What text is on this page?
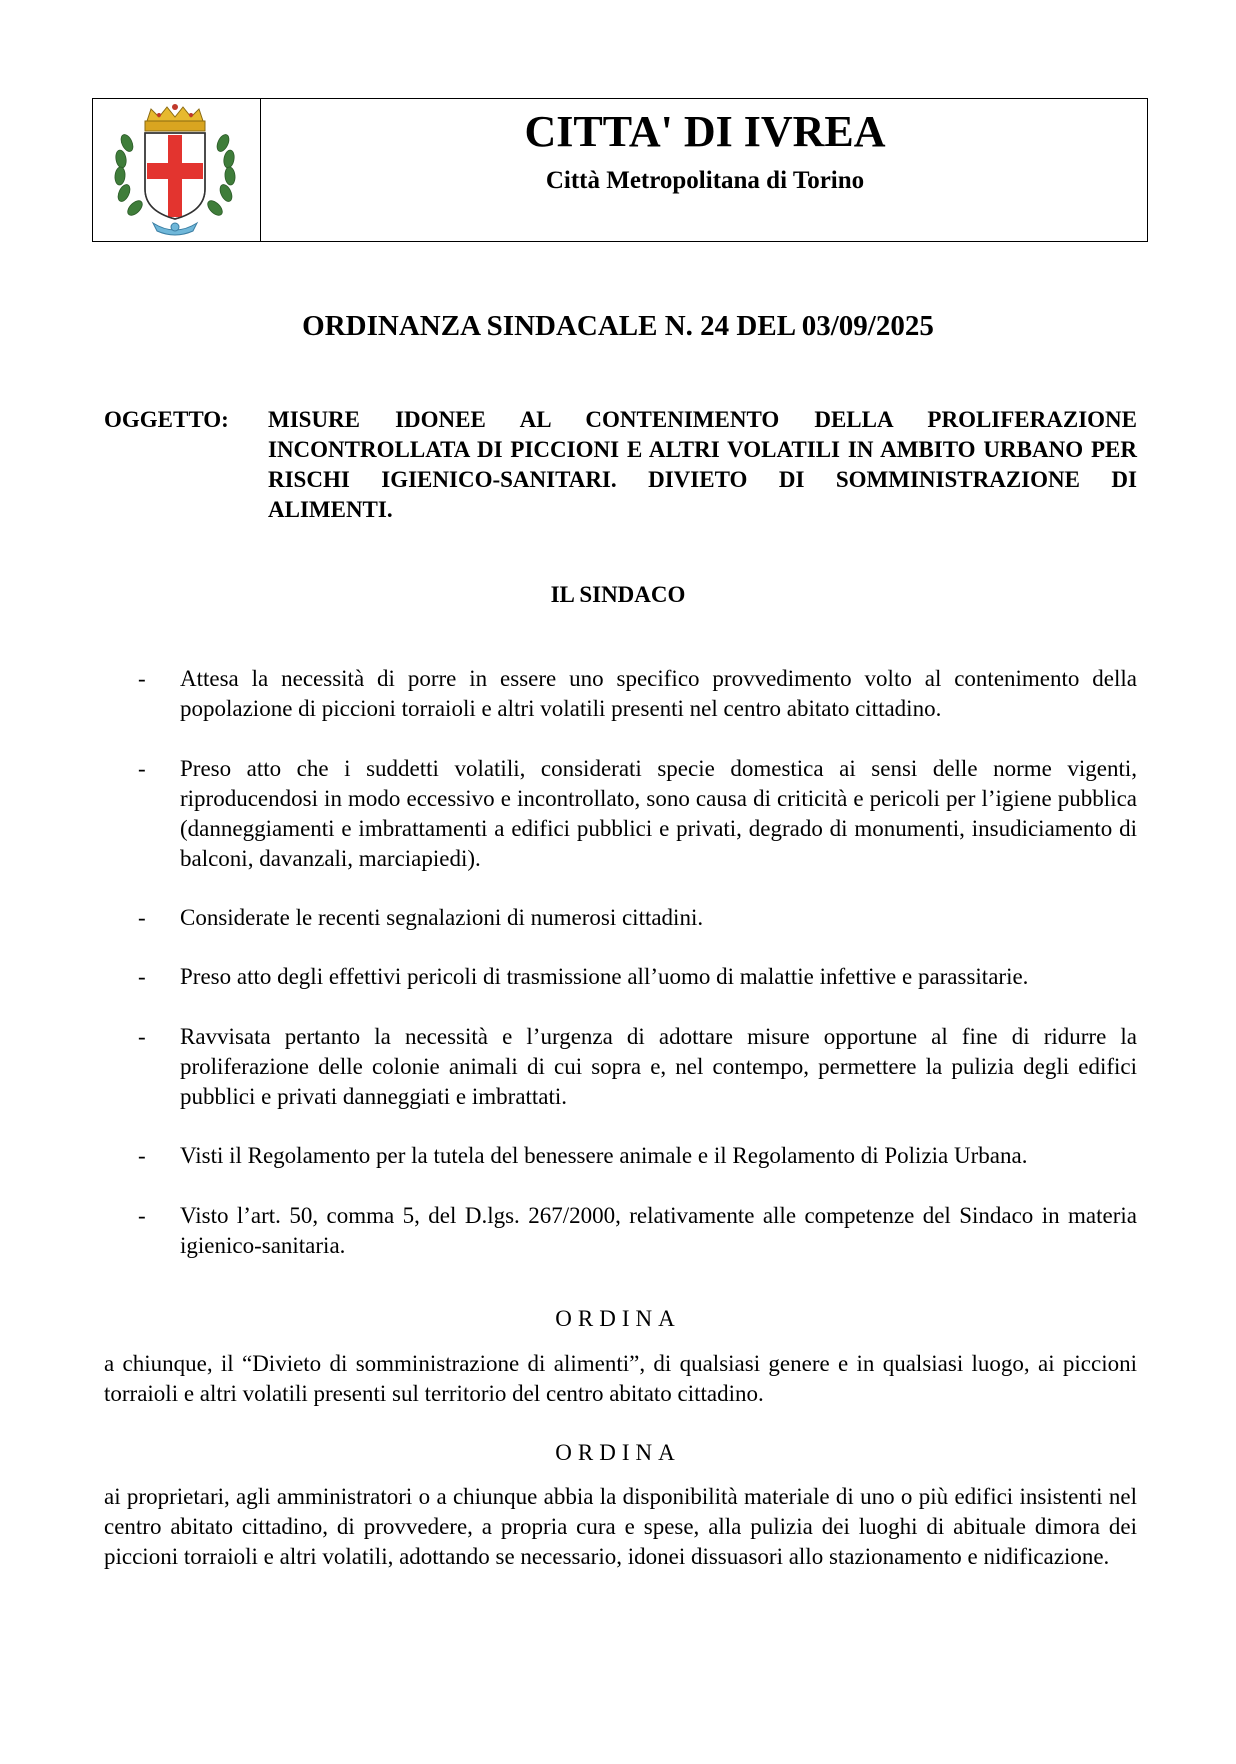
CITTA' DI IVREA
Città Metropolitana di Torino
ORDINANZA SINDACALE N. 24 DEL 03/09/2025
OGGETTO: MISURE IDONEE AL CONTENIMENTO DELLA PROLIFERAZIONE INCONTROLLATA DI PICCIONI E ALTRI VOLATILI IN AMBITO URBANO PER RISCHI IGIENICO-SANITARI. DIVIETO DI SOMMINISTRAZIONE DI ALIMENTI.
IL SINDACO
- Attesa la necessità di porre in essere uno specifico provvedimento volto al contenimento della popolazione di piccioni torraioli e altri volatili presenti nel centro abitato cittadino.
- Preso atto che i suddetti volatili, considerati specie domestica ai sensi delle norme vigenti, riproducendosi in modo eccessivo e incontrollato, sono causa di criticità e pericoli per l’igiene pubblica (danneggiamenti e imbrattamenti a edifici pubblici e privati, degrado di monumenti, insudiciamento di balconi, davanzali, marciapiedi).
- Considerate le recenti segnalazioni di numerosi cittadini.
- Preso atto degli effettivi pericoli di trasmissione all’uomo di malattie infettive e parassitarie.
- Ravvisata pertanto la necessità e l’urgenza di adottare misure opportune al fine di ridurre la proliferazione delle colonie animali di cui sopra e, nel contempo, permettere la pulizia degli edifici pubblici e privati danneggiati e imbrattati.
- Visti il Regolamento per la tutela del benessere animale e il Regolamento di Polizia Urbana.
- Visto l’art. 50, comma 5, del D.lgs. 267/2000, relativamente alle competenze del Sindaco in materia igienico-sanitaria.
ORDINA
a chiunque, il “Divieto di somministrazione di alimenti”, di qualsiasi genere e in qualsiasi luogo, ai piccioni torraioli e altri volatili presenti sul territorio del centro abitato cittadino.
ORDINA
ai proprietari, agli amministratori o a chiunque abbia la disponibilità materiale di uno o più edifici insistenti nel centro abitato cittadino, di provvedere, a propria cura e spese, alla pulizia dei luoghi di abituale dimora dei piccioni torraioli e altri volatili, adottando se necessario, idonei dissuasori allo stazionamento e nidificazione.
